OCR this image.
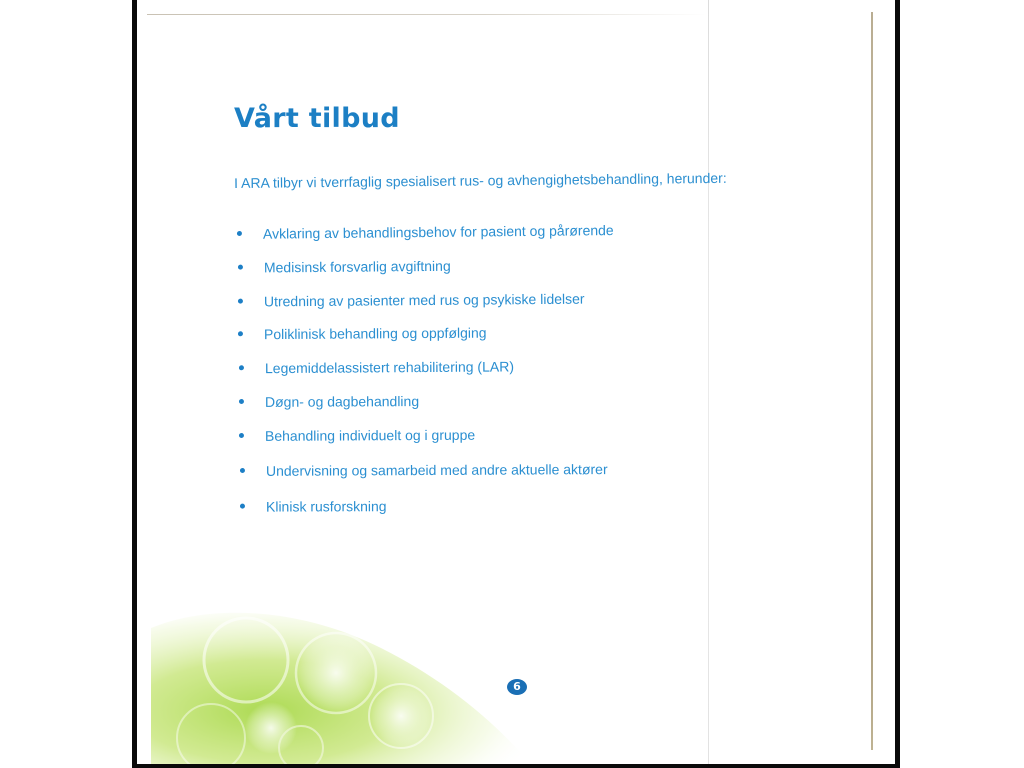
Vårt tilbud

I ARA tilbyr vi tverrfaglig spesialisert rus- og avhengighetsbehandling, herunder:

Avklaring av behandlingsbehov for pasient og pårørende
Medisinsk forsvarlig avgiftning
Utredning av pasienter med rus og psykiske lidelser
Poliklinisk behandling og oppfølging
Legemiddelassistert rehabilitering (LAR)
Døgn- og dagbehandling
Behandling individuelt og i gruppe
Undervisning og samarbeid med andre aktuelle aktører
Klinisk rusforskning
6
